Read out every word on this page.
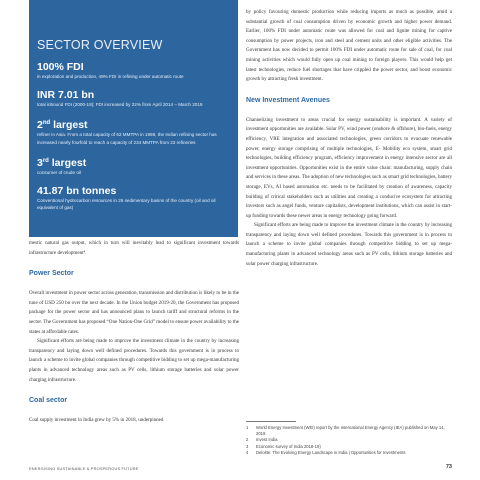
SECTOR OVERVIEW
100% FDI
in exploration and production, 49% FDI in refining under automatic route
INR 7.01 bn
total inbound FDI (2000-19); FDI increased by 22% from April 2014 – March 2019
2nd largest
refiner in Asia. From a total capacity of 62 MMTPA in 1998, the Indian refining sector has increased nearly fourfold to reach a capacity of 234 MMTPA from 23 refineries
3rd largest
consumer of crude oil
41.87 bn tonnes
Conventional hydrocarbon resources in 26 sedimentary basins of the country (oil and oil equivalent of gas)

mestic natural gas output, which in turn will inevitably lead to significant investment towards infrastructure development⁴.

Power Sector

Overall investment in power sector across generation, transmission and distribution is likely to be in the tune of USD 250 bn over the next decade. In the Union budget 2019-20, the Government has proposed package for the power sector and has announced plans to launch tariff and structural reforms in the sector. The Government has proposed “One Nation-One Grid” model to ensure power availability to the states at affordable rates.

Significant efforts are being made to improve the investment climate in the country by increasing transparency and laying down well defined procedures. Towards this government is in process to launch a scheme to invite global companies through competitive bidding to set up mega-manufacturing plants in advanced technology areas such as PV cells, lithium storage batteries and solar power charging infrastructure.

Coal sector

Coal supply investment in India grew by 5% in 2018, underpinned

by policy favouring domestic production while reducing imports as much as possible, amid a substantial growth of coal consumption driven by economic growth and higher power demand. Earlier, 100% FDI under automatic route was allowed for coal and lignite mining for captive consumption by power projects, iron and steel and cement units and other eligible activities. The Government has now decided to permit 100% FDI under automatic route for sale of coal, for coal mining activities which would fully open up coal mining to foreign players. This would help get latest technologies, reduce fuel shortages that have crippled the power sector, and boost economic growth by attracting fresh investment.

New Investment Avenues

Channelizing investment to areas crucial for energy sustainability is important. A variety of investment opportunities are available. Solar PV, wind power (onshore & offshore), bio-fuels, energy efficiency, VRE integration and associated technologies, green corridors to evacuate renewable power, energy storage comprising of multiple technologies, E- Mobility eco system, smart grid technologies, building efficiency program, efficiency improvement in energy intensive sector are all investment opportunities. Opportunities exist in the entire value chain: manufacturing, supply chain and services in these areas. The adoption of new technologies such as smart grid technologies, battery storage, EVs, AI based automation etc. needs to be facilitated by creation of awareness, capacity building of critical stakeholders such as utilities and creating a conducive ecosystem for attracting investors such as angel funds, venture capitalists, development institutions, which can assist in start-up funding towards these newer areas in energy technology going forward.

Significant efforts are being made to improve the investment climate in the country by increasing transparency and laying down well defined procedures. Towards this government is in process to launch a scheme to invite global companies through competitive bidding to set up mega-manufacturing plants in advanced technology areas such as PV cells, lithium storage batteries and solar power charging infrastructure.

1	World Energy Investment (WEI) report by the International Energy Agency (IEA) published on May 14, 2019.
2	Invest India
3	Economic survey of India 2018-19)
4	Deloitte: The Evolving Energy Landscape in India | Opportunities for Investments
ENERGISING SUSTAINABLE & PROSPEROUS FUTURE	73
